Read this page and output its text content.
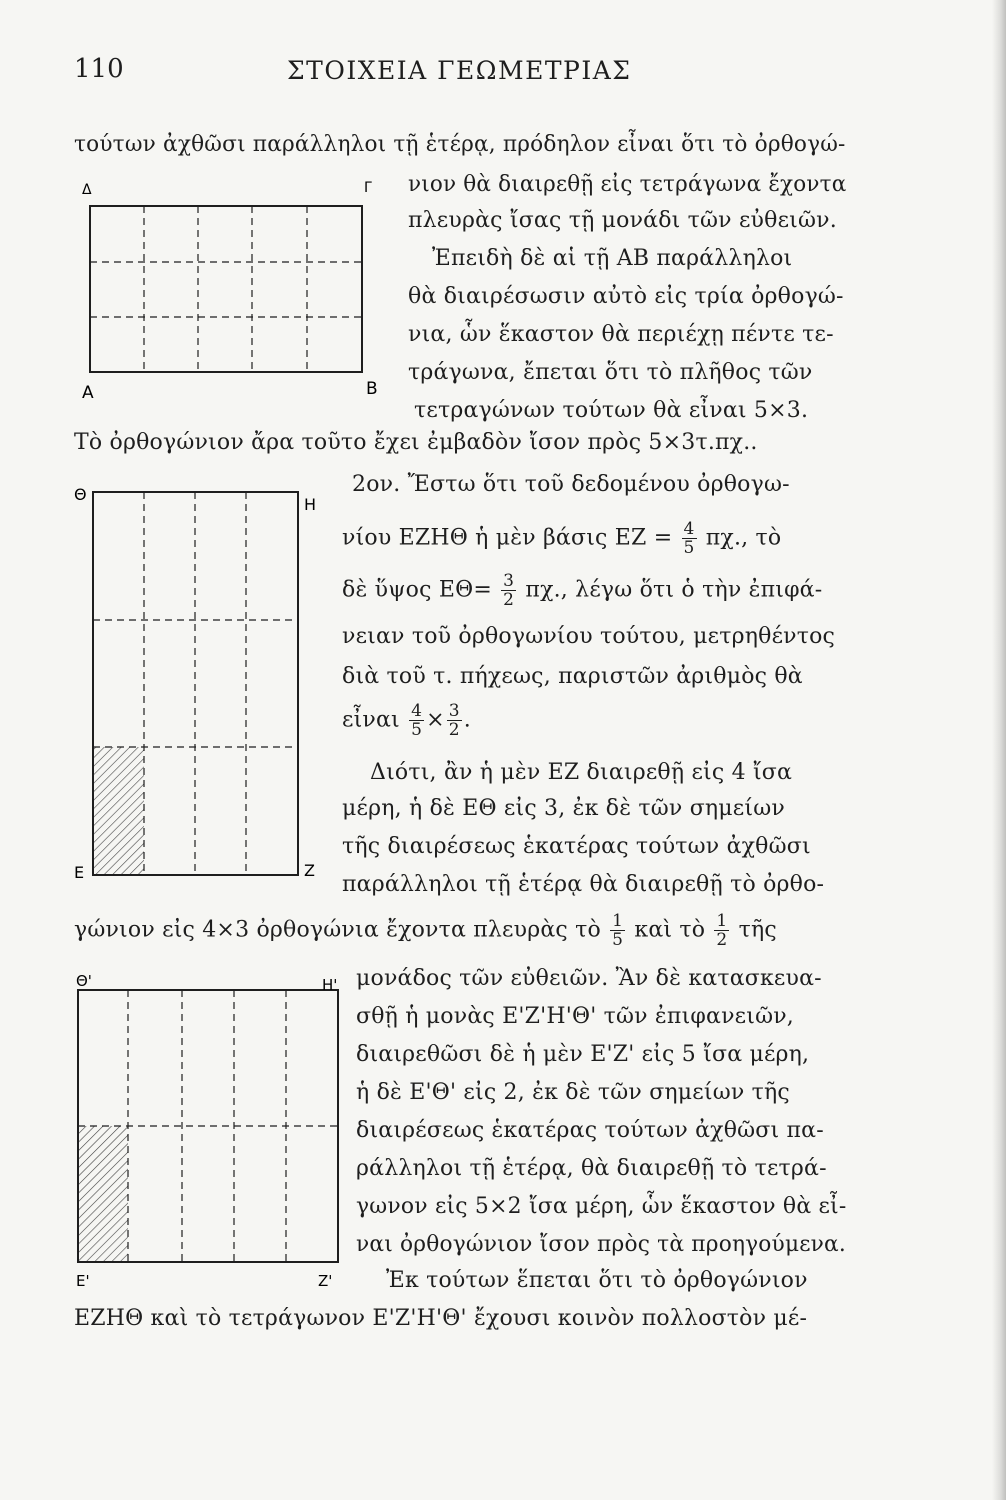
110	ΣΤΟΙΧΕΙΑ ΓΕΩΜΕΤΡΙΑΣ
Δ	Γ
A	B
τούτων ἀχθῶσι παράλληλοι τῇ ἑτέρᾳ, πρόδηλον εἶναι ὅτι τὸ ὀρθογώ-
νιον θὰ διαιρεθῇ εἰς τετράγωνα ἔχοντα
πλευρὰς ἴσας τῇ μονάδι τῶν εὐθειῶν.
Ἐπειδὴ δὲ αἱ τῇ ΑΒ παράλληλοι
θὰ διαιρέσωσιν αὐτὸ εἰς τρία ὀρθογώ-
νια, ὧν ἕκαστον θὰ περιέχῃ πέντε τε-
τράγωνα, ἔπεται ὅτι τὸ πλῆθος τῶν
τετραγώνων τούτων θὰ εἶναι 5⨯3.
Τὸ ὀρθογώνιον ἄρα τοῦτο ἔχει ἐμβαδὸν ἴσον πρὸς 5⨯3τ.πχ..
2ον. Ἔστω ὅτι τοῦ δεδομένου ὀρθογω-
Θ
Η
Ε	Ζ
νίου ΕΖΗΘ ἡ μὲν βάσις $EZ = \frac{4}{5} \pi\chi$., τὸ
δὲ ὕψος $E\Theta= \frac{3}{2} \pi\chi$., λέγω ὅτι ὁ τὴν ἐπιφά-
νειαν τοῦ ὀρθογωνίου τούτου, μετρηθέντος
διὰ τοῦ τ. πήχεως, παριστῶν ἀριθμὸς θὰ
εἶναι $\frac{4}{5}$ ⨯ $\frac{3}{2}$ .
Διότι, ἂν ἡ μὲν ΕΖ διαιρεθῇ εἰς 4 ἴσα
μέρη, ἡ δὲ ΕΘ εἰς 3, ἐκ δὲ τῶν σημείων
τῆς διαιρέσεως ἑκατέρας τούτων ἀχθῶσι
παράλληλοι τῇ ἑτέρᾳ θὰ διαιρεθῇ τὸ ὀρθο-
γώνιον εἰς 4⨯3 ὀρθογώνια ἔχοντα πλευρὰς τὸ $\frac{1}{5}$ καὶ τὸ $\frac{1}{2}$ τῆς
Θ'	Η'
Ε'	Ζ'
μονάδος τῶν εὐθειῶν. Ἂν δὲ κατασκευα-
σθῇ ἡ μονὰς Ε'Ζ'Η'Θ' τῶν ἐπιφανειῶν,
διαιρεθῶσι δὲ ἡ μὲν Ε'Ζ' εἰς 5 ἴσα μέρη,
ἡ δὲ Ε'Θ' εἰς 2, ἐκ δὲ τῶν σημείων τῆς
διαιρέσεως ἑκατέρας τούτων ἀχθῶσι πα-
ράλληλοι τῇ ἑτέρᾳ, θὰ διαιρεθῇ τὸ τετρά-
γωνον εἰς 5⨯2 ἴσα μέρη, ὧν ἕκαστον θὰ εἶ-
ναι ὀρθογώνιον ἴσον πρὸς τὰ προηγούμενα.
Ἐκ τούτων ἕπεται ὅτι τὸ ὀρθογώνιον
ΕΖΗΘ καὶ τὸ τετράγωνον Ε'Ζ'Η'Θ' ἔχουσι κοινὸν πολλοστὸν μέ-
